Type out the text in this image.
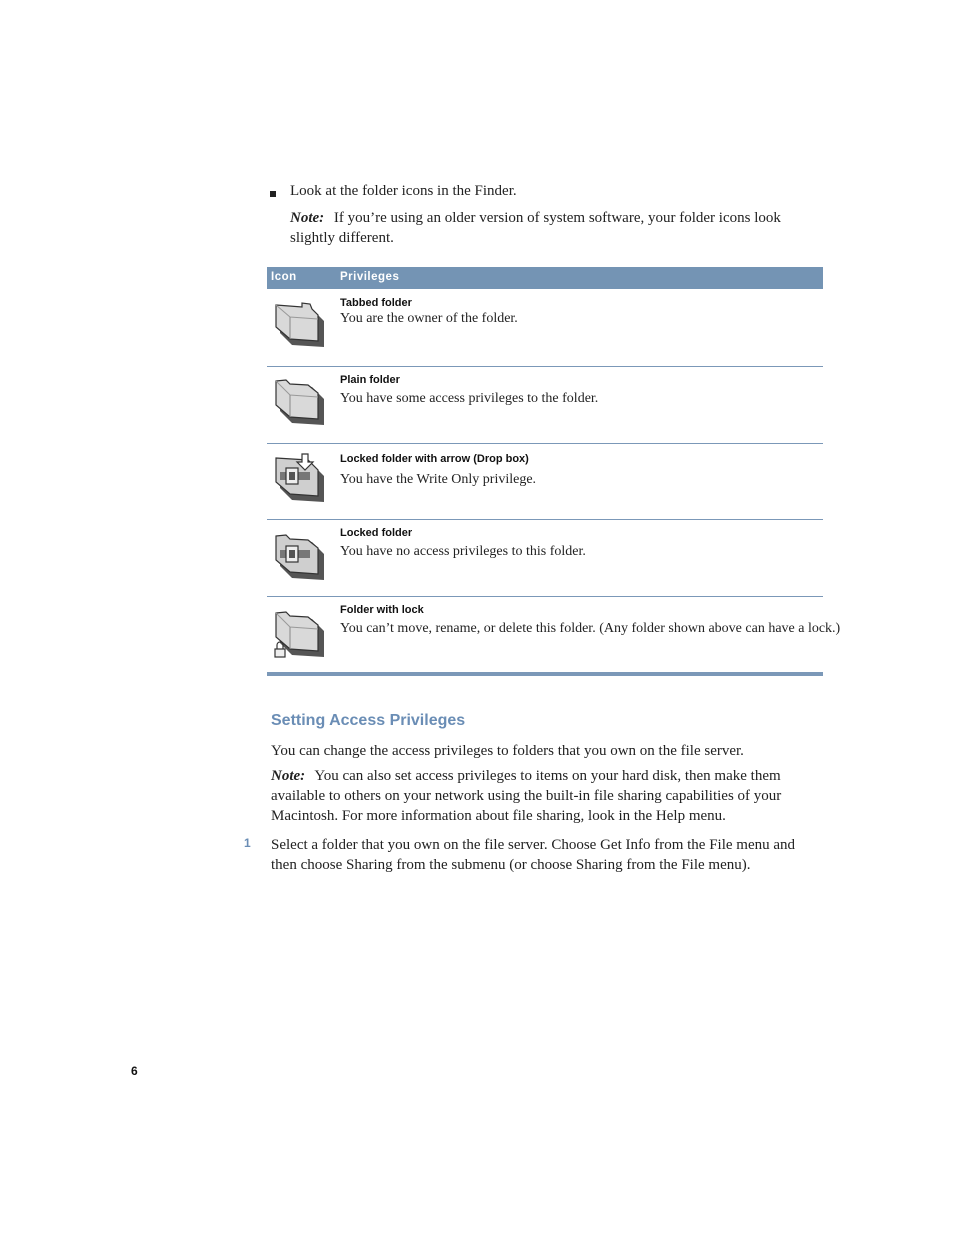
Look at the folder icons in the Finder.
Note: If you’re using an older version of system software, your folder icons look slightly different.
Icon	Privileges
Tabbed folder
You are the owner of the folder.
Plain folder
You have some access privileges to the folder.
Locked folder with arrow (Drop box)
You have the Write Only privilege.
Locked folder
You have no access privileges to this folder.
Folder with lock
You can’t move, rename, or delete this folder. (Any folder shown above can have a lock.)
Setting Access Privileges
You can change the access privileges to folders that you own on the file server.
Note: You can also set access privileges to items on your hard disk, then make them available to others on your network using the built-in file sharing capabilities of your Macintosh. For more information about file sharing, look in the Help menu.
1 Select a folder that you own on the file server. Choose Get Info from the File menu and then choose Sharing from the submenu (or choose Sharing from the File menu).
6
